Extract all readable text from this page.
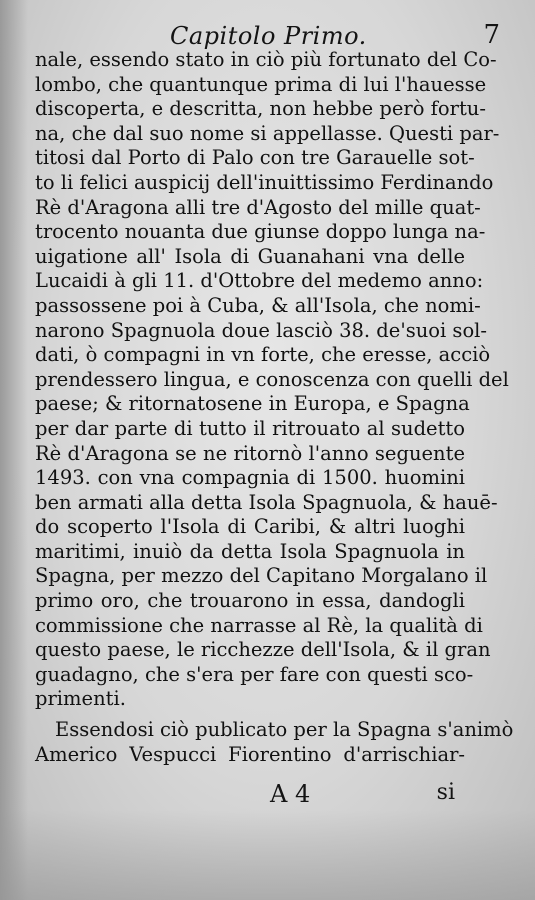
Capitolo Primo.	7
nale, essendo stato in ciò più fortunato del Co-
lombo, che quantunque prima di lui l'hauesse
discoperta, e descritta, non hebbe però fortu-
na, che dal suo nome si appellasse. Questi par-
titosi dal Porto di Palo con tre Garauelle sot-
to li felici auspicij dell'inuittissimo Ferdinando
Rè d'Aragona alli tre d'Agosto del mille quat-
trocento nouanta due giunse doppo lunga na-
uigatione all' Isola di Guanahani vna delle
Lucaidi à gli 11. d'Ottobre del medemo anno:
passossene poi à Cuba, & all'Isola, che nomi-
narono Spagnuola doue lasciò 38. de'suoi sol-
dati, ò compagni in vn forte, che eresse, acciò
prendessero lingua, e conoscenza con quelli del
paese; & ritornatosene in Europa, e Spagna
per dar parte di tutto il ritrouato al sudetto
Rè d'Aragona se ne ritornò l'anno seguente
1493. con vna compagnia di 1500. huomini
ben armati alla detta Isola Spagnuola, & hauē-
do scoperto l'Isola di Caribi, & altri luoghi
maritimi, inuiò da detta Isola Spagnuola in
Spagna, per mezzo del Capitano Morgalano il
primo oro, che trouarono in essa, dandogli
commissione che narrasse al Rè, la qualità di
questo paese, le ricchezze dell'Isola, & il gran
guadagno, che s'era per fare con questi sco-
primenti.
Essendosi ciò publicato per la Spagna s'animò
Americo Vespucci Fiorentino d'arrischiar-
A 4	si
